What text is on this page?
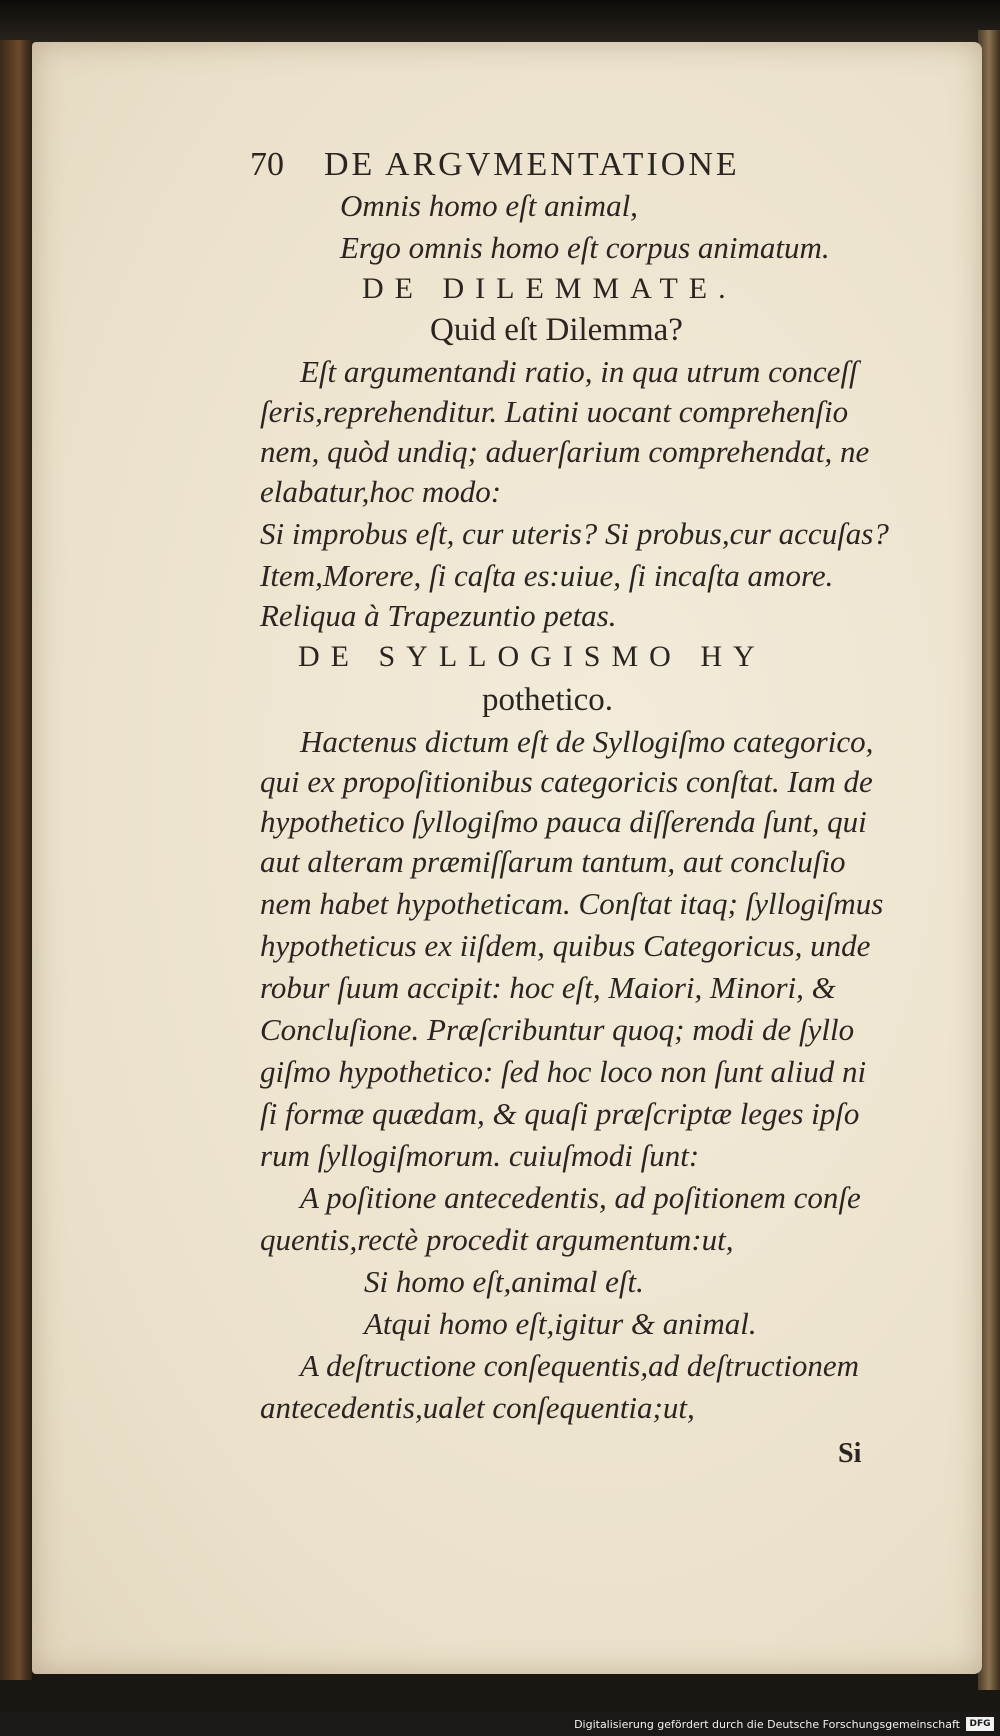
70 DE ARGVMENTATIONE
Omnis homo eſt animal,
Ergo omnis homo eſt corpus animatum.
DE DILEMMATE.
Quid eſt Dilemma?
Eſt argumentandi ratio, in qua utrum conceſſ
ſeris,reprehenditur. Latini uocant comprehenſio
nem, quòd undiq; aduerſarium comprehendat, ne
elabatur,hoc modo:
Si improbus eſt, cur uteris? Si probus,cur accuſas?
Item,Morere, ſi caſta es:uiue, ſi incaſta amore.
Reliqua à Trapezuntio petas.
DE SYLLOGISMO HY
pothetico.
Hactenus dictum eſt de Syllogiſmo categorico,
qui ex propoſitionibus categoricis conſtat. Iam de
hypothetico ſyllogiſmo pauca diſſerenda ſunt, qui
aut alteram præmiſſarum tantum, aut concluſio
nem habet hypotheticam. Conſtat itaq; ſyllogiſmus
hypotheticus ex iiſdem, quibus Categoricus, unde
robur ſuum accipit: hoc eſt, Maiori, Minori, &
Concluſione. Præſcribuntur quoq; modi de ſyllo
giſmo hypothetico: ſed hoc loco non ſunt aliud ni
ſi formæ quædam, & quaſi præſcriptæ leges ipſo
rum ſyllogiſmorum. cuiuſmodi ſunt:
A poſitione antecedentis, ad poſitionem conſe
quentis,rectè procedit argumentum:ut,
Si homo eſt,animal eſt.
Atqui homo eſt,igitur & animal.
A deſtructione conſequentis,ad deſtructionem
antecedentis,ualet conſequentia;ut,
Si
Digitalisierung gefördert durch die Deutsche Forschungsgemeinschaft	DFG
